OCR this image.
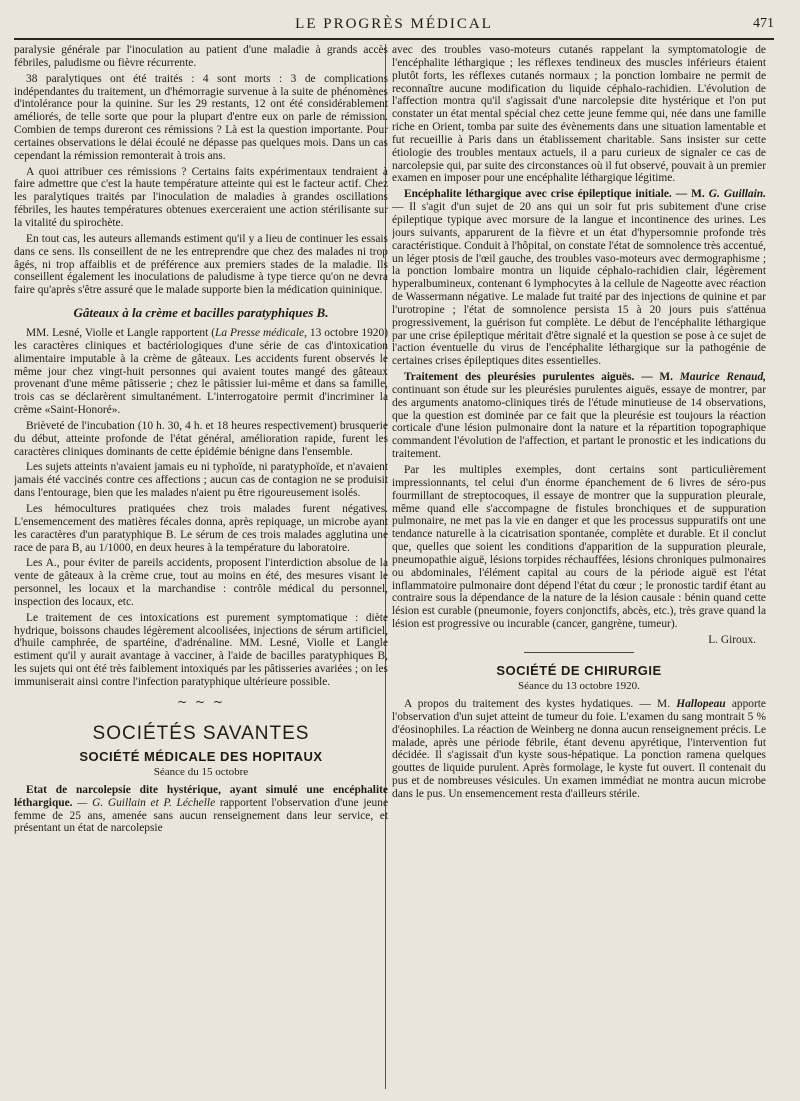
LE PROGRÈS MÉDICAL	471

paralysie générale par l'inoculation au patient d'une maladie à grands accès fébriles, paludisme ou fièvre récurrente.

38 paralytiques ont été traités : 4 sont morts : 3 de complications indépendantes du traitement, un d'hémorragie survenue à la suite de phénomènes d'intolérance pour la quinine. Sur les 29 restants, 12 ont été considérablement améliorés, de telle sorte que pour la plupart d'entre eux on parle de rémission. Combien de temps dureront ces rémissions ? Là est la question importante. Pour certaines observations le délai écoulé ne dépasse pas quelques mois. Dans un cas cependant la rémission remonterait à trois ans.

A quoi attribuer ces rémissions ? Certains faits expérimentaux tendraient à faire admettre que c'est la haute température atteinte qui est le facteur actif. Chez les paralytiques traités par l'inoculation de maladies à grandes oscillations fébriles, les hautes températures obtenues exerceraient une action stérilisante sur la vitalité du spirochète.

En tout cas, les auteurs allemands estiment qu'il y a lieu de continuer les essais dans ce sens. Ils conseillent de ne les entreprendre que chez des malades ni trop âgés, ni trop affaiblis et de préférence aux premiers stades de la maladie. Ils conseillent également les inoculations de paludisme à type tierce qu'on ne devra faire qu'après s'être assuré que le malade supporte bien la médication quininique.

Gâteaux à la crème et bacilles paratyphiques B.

MM. Lesné, Violle et Langle rapportent (La Presse médicale, 13 octobre 1920) les caractères cliniques et bactériologiques d'une série de cas d'intoxication alimentaire imputable à la crème de gâteaux. Les accidents furent observés le même jour chez vingt-huit personnes qui avaient toutes mangé des gâteaux provenant d'une même pâtisserie ; chez le pâtissier lui-même et dans sa famille, trois cas se déclarèrent simultanément. L'interrogatoire permit d'incriminer la crème «Saint-Honoré».

Brièveté de l'incubation (10 h. 30, 4 h. et 18 heures respectivement) brusquerie du début, atteinte profonde de l'état général, amélioration rapide, furent les caractères cliniques dominants de cette épidémie bénigne dans l'ensemble.

Les sujets atteints n'avaient jamais eu ni typhoïde, ni paratyphoïde, et n'avaient jamais été vaccinés contre ces affections ; aucun cas de contagion ne se produisit dans l'entourage, bien que les malades n'aient pu être rigoureusement isolés.

Les hémocultures pratiquées chez trois malades furent négatives. L'ensemencement des matières fécales donna, après repiquage, un microbe ayant les caractères d'un paratyphique B. Le sérum de ces trois malades agglutina une race de para B, au 1/1000, en deux heures à la température du laboratoire.

Les A., pour éviter de pareils accidents, proposent l'interdiction absolue de la vente de gâteaux à la crème crue, tout au moins en été, des mesures visant le personnel, les locaux et la marchandise : contrôle médical du personnel, inspection des locaux, etc.

Le traitement de ces intoxications est purement symptomatique : diète hydrique, boissons chaudes légèrement alcoolisées, injections de sérum artificiel, d'huile camphrée, de spartéine, d'adrénaline. MM. Lesné, Violle et Langle estiment qu'il y aurait avantage à vacciner, à l'aide de bacilles paratyphiques B, les sujets qui ont été très faiblement intoxiqués par les pâtisseries avariées ; on les immuniserait ainsi contre l'infection paratyphique ultérieure possible.

~ ~ ~
SOCIÉTÉS SAVANTES
SOCIÉTÉ MÉDICALE DES HOPITAUX
Séance du 15 octobre

Etat de narcolepsie dite hystérique, ayant simulé une encéphalite léthargique. — G. Guillain et P. Léchelle rapportent l'observation d'une jeune femme de 25 ans, amenée sans aucun renseignement dans leur service, et présentant un état de narcolepsie

avec des troubles vaso-moteurs cutanés rappelant la symptomatologie de l'encéphalite léthargique ; les réflexes tendineux des muscles inférieurs étaient plutôt forts, les réflexes cutanés normaux ; la ponction lombaire ne permit de reconnaître aucune modification du liquide céphalo-rachidien. L'évolution de l'affection montra qu'il s'agissait d'une narcolepsie dite hystérique et l'on put constater un état mental spécial chez cette jeune femme qui, née dans une famille riche en Orient, tomba par suite des évènements dans une situation lamentable et fut recueillie à Paris dans un établissement charitable. Sans insister sur cette étiologie des troubles mentaux actuels, il a paru curieux de signaler ce cas de narcolepsie qui, par suite des circonstances où il fut observé, pouvait à un premier examen en imposer pour une encéphalite léthargique légitime.

Encéphalite léthargique avec crise épileptique initiale. — M. G. Guillain. — Il s'agit d'un sujet de 20 ans qui un soir fut pris subitement d'une crise épileptique typique avec morsure de la langue et incontinence des urines. Les jours suivants, apparurent de la fièvre et un état d'hypersomnie profonde très caractéristique. Conduit à l'hôpital, on constate l'état de somnolence très accentué, un léger ptosis de l'œil gauche, des troubles vaso-moteurs avec dermographisme ; la ponction lombaire montra un liquide céphalo-rachidien clair, légèrement hyperalbumineux, contenant 6 lymphocytes à la cellule de Nageotte avec réaction de Wassermann négative. Le malade fut traité par des injections de quinine et par l'urotropine ; l'état de somnolence persista 15 à 20 jours puis s'atténua progressivement, la guérison fut complète. Le début de l'encéphalite léthargique par une crise épileptique méritait d'être signalé et la question se pose à ce sujet de l'action éventuelle du virus de l'encéphalite léthargique sur la pathogénie de certaines crises épileptiques dites essentielles.

Traitement des pleurésies purulentes aiguës. — M. Maurice Renaud, continuant son étude sur les pleurésies purulentes aiguës, essaye de montrer, par des arguments anatomo-cliniques tirés de l'étude minutieuse de 14 observations, que la question est dominée par ce fait que la pleurésie est toujours la réaction corticale d'une lésion pulmonaire dont la nature et la répartition topographique commandent l'évolution de l'affection, et partant le pronostic et les indications du traitement.

Par les multiples exemples, dont certains sont particulièrement impressionnants, tel celui d'un énorme épanchement de 6 livres de séro-pus fourmillant de streptocoques, il essaye de montrer que la suppuration pleurale, même quand elle s'accompagne de fistules bronchiques et de suppuration pulmonaire, ne met pas la vie en danger et que les processus suppuratifs ont une tendance naturelle à la cicatrisation spontanée, complète et durable. Et il conclut que, quelles que soient les conditions d'apparition de la suppuration pleurale, pneumopathie aiguë, lésions torpides réchauffées, lésions chroniques pulmonaires ou abdominales, l'élément capital au cours de la période aiguë est l'état inflammatoire pulmonaire dont dépend l'état du cœur ; le pronostic tardif étant au contraire sous la dépendance de la nature de la lésion causale : bénin quand cette lésion est curable (pneumonie, foyers conjonctifs, abcès, etc.), très grave quand la lésion est progressive ou incurable (cancer, gangrène, tumeur).

L. Giroux.
SOCIÉTÉ DE CHIRURGIE
Séance du 13 octobre 1920.

A propos du traitement des kystes hydatiques. — M. Hallopeau apporte l'observation d'un sujet atteint de tumeur du foie. L'examen du sang montrait 5 % d'éosinophiles. La réaction de Weinberg ne donna aucun renseignement précis. Le malade, après une période fébrile, étant devenu apyrétique, l'intervention fut décidée. Il s'agissait d'un kyste sous-hépatique. La ponction ramena quelques gouttes de liquide purulent. Après formolage, le kyste fut ouvert. Il contenait du pus et de nombreuses vésicules. Un examen immédiat ne montra aucun microbe dans le pus. Un ensemencement resta d'ailleurs stérile.
